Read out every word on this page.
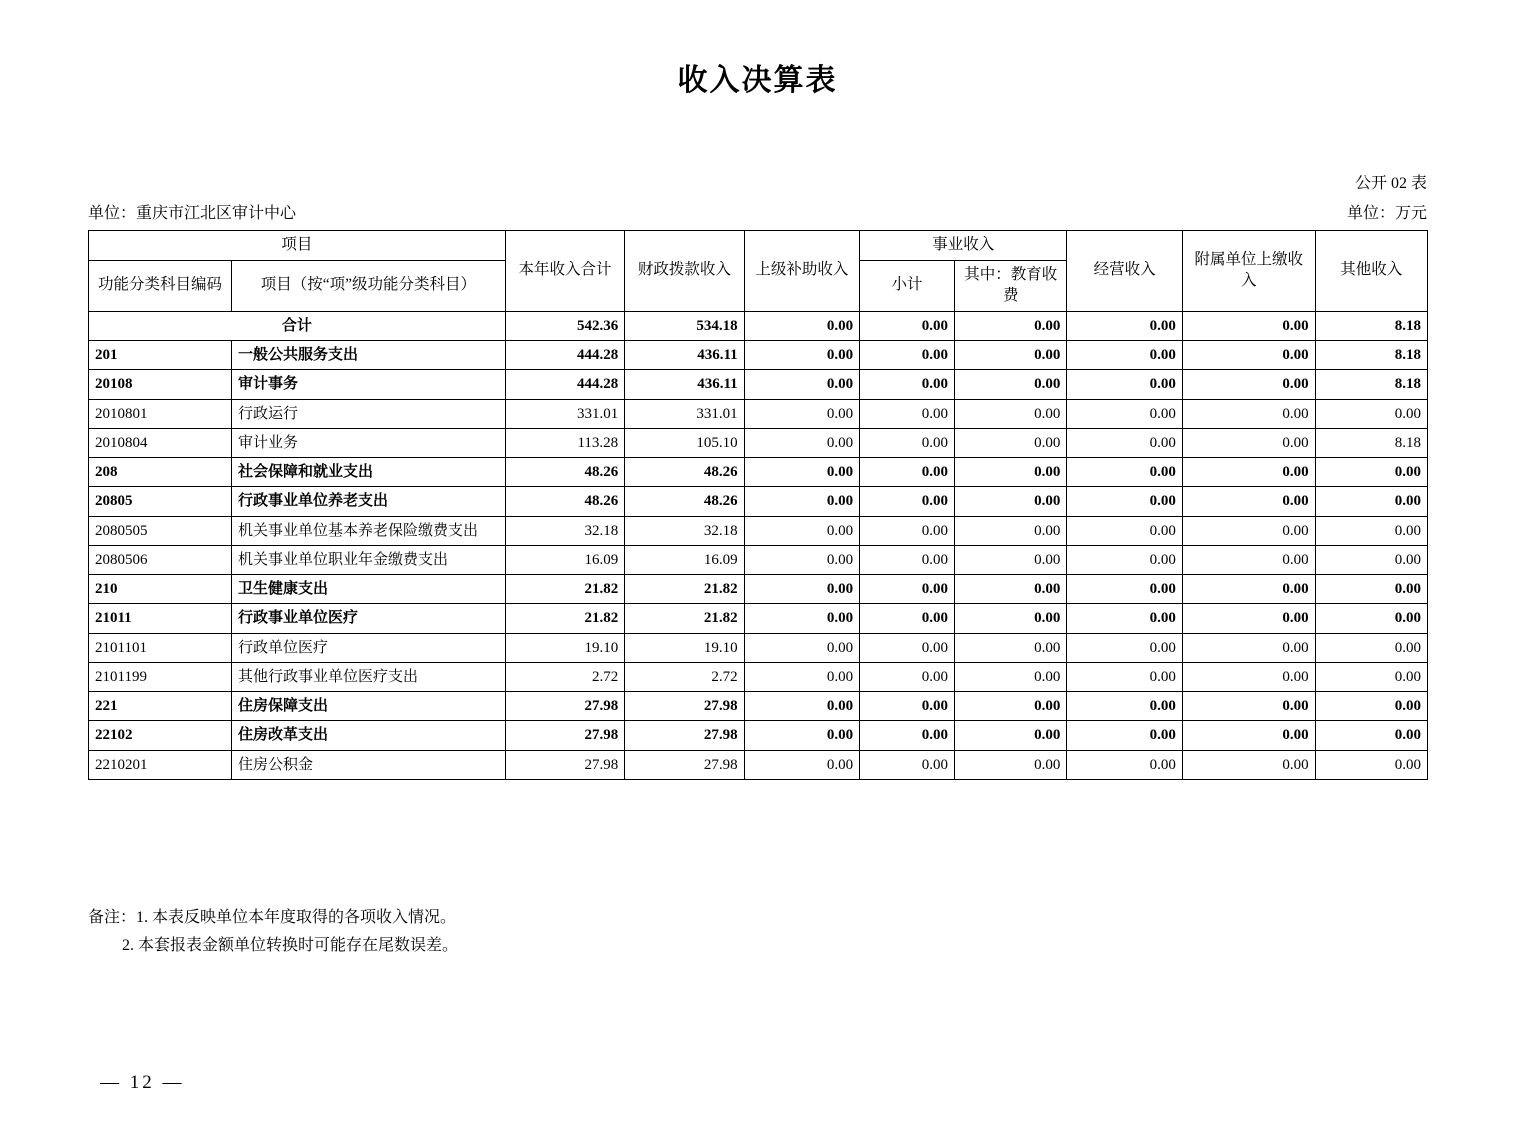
收入决算表
公开 02 表
单位：重庆市江北区审计中心	单位：万元
项目		本年收入合计	财政拨款收入	上级补助收入	事业收入		经营收入	附属单位上缴收入	其他收入
功能分类科目编码	项目（按“项”级功能分类科目）				小计	其中：教育收费			
合计		542.36	534.18	0.00	0.00	0.00	0.00	0.00	8.18
201	一般公共服务支出	444.28	436.11	0.00	0.00	0.00	0.00	0.00	8.18
20108	审计事务	444.28	436.11	0.00	0.00	0.00	0.00	0.00	8.18
2010801	行政运行	331.01	331.01	0.00	0.00	0.00	0.00	0.00	0.00
2010804	审计业务	113.28	105.10	0.00	0.00	0.00	0.00	0.00	8.18
208	社会保障和就业支出	48.26	48.26	0.00	0.00	0.00	0.00	0.00	0.00
20805	行政事业单位养老支出	48.26	48.26	0.00	0.00	0.00	0.00	0.00	0.00
2080505	机关事业单位基本养老保险缴费支出	32.18	32.18	0.00	0.00	0.00	0.00	0.00	0.00
2080506	机关事业单位职业年金缴费支出	16.09	16.09	0.00	0.00	0.00	0.00	0.00	0.00
210	卫生健康支出	21.82	21.82	0.00	0.00	0.00	0.00	0.00	0.00
21011	行政事业单位医疗	21.82	21.82	0.00	0.00	0.00	0.00	0.00	0.00
2101101	行政单位医疗	19.10	19.10	0.00	0.00	0.00	0.00	0.00	0.00
2101199	其他行政事业单位医疗支出	2.72	2.72	0.00	0.00	0.00	0.00	0.00	0.00
221	住房保障支出	27.98	27.98	0.00	0.00	0.00	0.00	0.00	0.00
22102	住房改革支出	27.98	27.98	0.00	0.00	0.00	0.00	0.00	0.00
2210201	住房公积金	27.98	27.98	0.00	0.00	0.00	0.00	0.00	0.00
备注：1. 本表反映单位本年度取得的各项收入情况。
2. 本套报表金额单位转换时可能存在尾数误差。
— 12 —
